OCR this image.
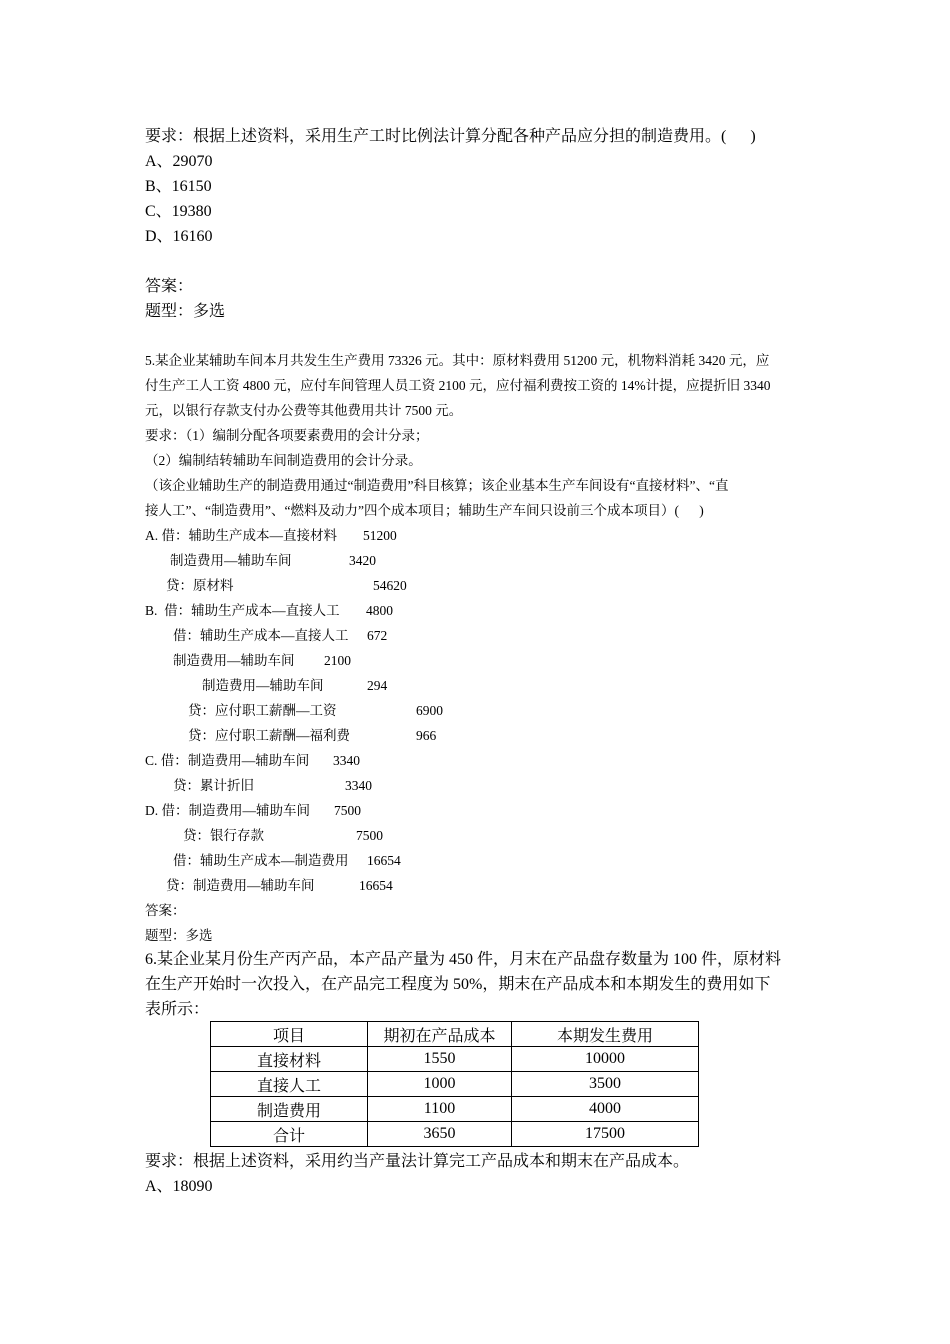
要求：根据上述资料，采用生产工时比例法计算分配各种产品应分担的制造费用。(      )
A、29070
B、16150
C、19380
D、16160
答案：
题型：多选
5.某企业某辅助车间本月共发生生产费用 73326 元。其中：原材料费用 51200 元，机物料消耗 3420 元，应
付生产工人工资 4800 元，应付车间管理人员工资 2100 元，应付福利费按工资的 14%计提，应提折旧 3340
元，以银行存款支付办公费等其他费用共计 7500 元。
要求：（1）编制分配各项要素费用的会计分录；
（2）编制结转辅助车间制造费用的会计分录。
（该企业辅助生产的制造费用通过“制造费用”科目核算；该企业基本生产车间设有“直接材料”、“直
接人工”、“制造费用”、“燃料及动力”四个成本项目；辅助生产车间只设前三个成本项目）(      )
A. 借：辅助生产成本—直接材料 51200
制造费用—辅助车间	3420
贷：原材料	54620
B.  借：辅助生产成本—直接人工 4800
借：辅助生产成本—直接人工 672
制造费用—辅助车间 2100
制造费用—辅助车间	294
贷：应付职工薪酬—工资	6900
贷：应付职工薪酬—福利费	966
C. 借：制造费用—辅助车间 3340
贷：累计折旧	3340
D. 借：制造费用—辅助车间 7500
贷：银行存款	7500
借：辅助生产成本—制造费用 16654
贷：制造费用—辅助车间	16654
答案：
题型：多选
6.某企业某月份生产丙产品，本产品产量为 450 件，月末在产品盘存数量为 100 件，原材料
在生产开始时一次投入，在产品完工程度为 50%，期末在产品成本和本期发生的费用如下
表所示：
项目	期初在产品成本	本期发生费用
直接材料	1550	10000
直接人工	1000	3500
制造费用	1100	4000
合计	3650	17500
要求：根据上述资料，采用约当产量法计算完工产品成本和期末在产品成本。
A、18090
